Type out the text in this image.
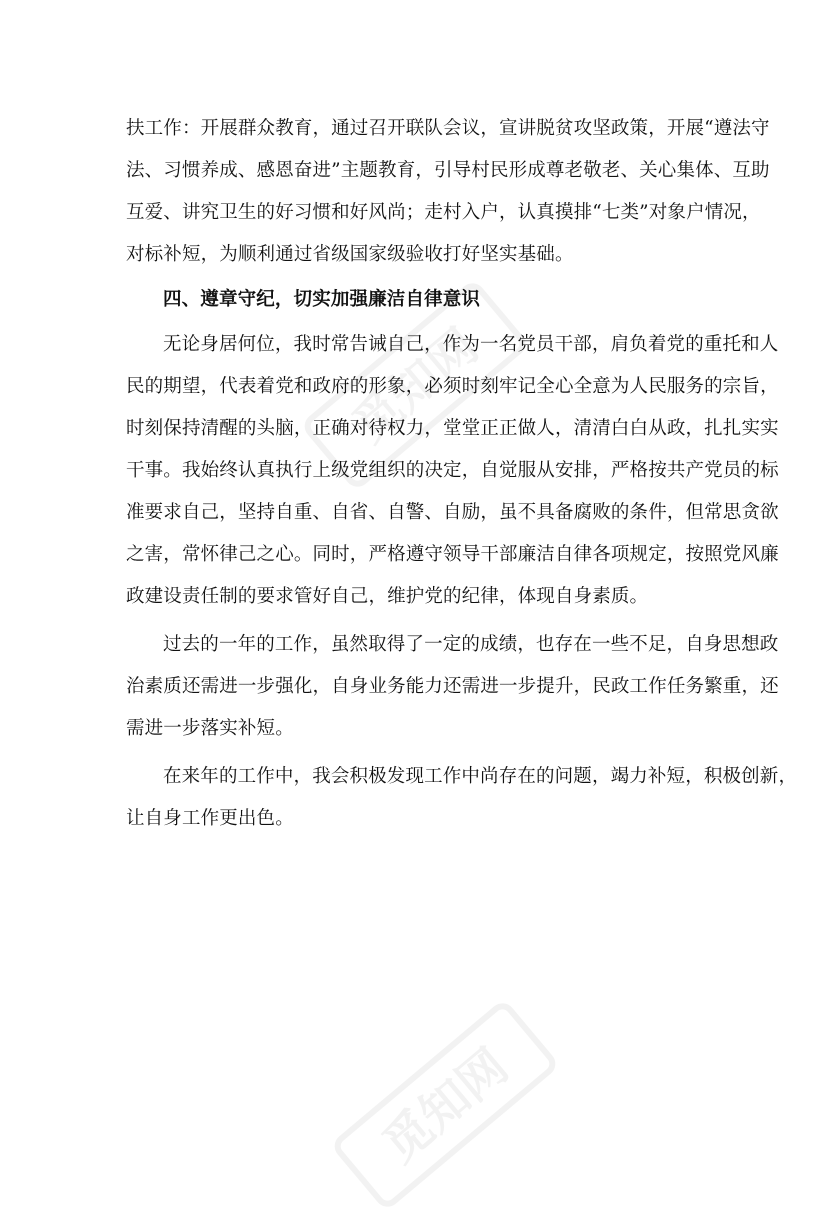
觅知网
觅知网
扶工作：开展群众教育，通过召开联队会议，宣讲脱贫攻坚政策，开展“遵法守
法、习惯养成、感恩奋进”主题教育，引导村民形成尊老敬老、关心集体、互助
互爱、讲究卫生的好习惯和好风尚；走村入户，认真摸排“七类”对象户情况，
对标补短，为顺利通过省级国家级验收打好坚实基础。
四、遵章守纪，切实加强廉洁自律意识
无论身居何位，我时常告诫自己，作为一名党员干部，肩负着党的重托和人
民的期望，代表着党和政府的形象，必须时刻牢记全心全意为人民服务的宗旨，
时刻保持清醒的头脑，正确对待权力，堂堂正正做人，清清白白从政，扎扎实实
干事。我始终认真执行上级党组织的决定，自觉服从安排，严格按共产党员的标
准要求自己，坚持自重、自省、自警、自励，虽不具备腐败的条件，但常思贪欲
之害，常怀律己之心。同时，严格遵守领导干部廉洁自律各项规定，按照党风廉
政建设责任制的要求管好自己，维护党的纪律，体现自身素质。
过去的一年的工作，虽然取得了一定的成绩，也存在一些不足，自身思想政
治素质还需进一步强化，自身业务能力还需进一步提升，民政工作任务繁重，还
需进一步落实补短。
在来年的工作中，我会积极发现工作中尚存在的问题，竭力补短，积极创新，
让自身工作更出色。
